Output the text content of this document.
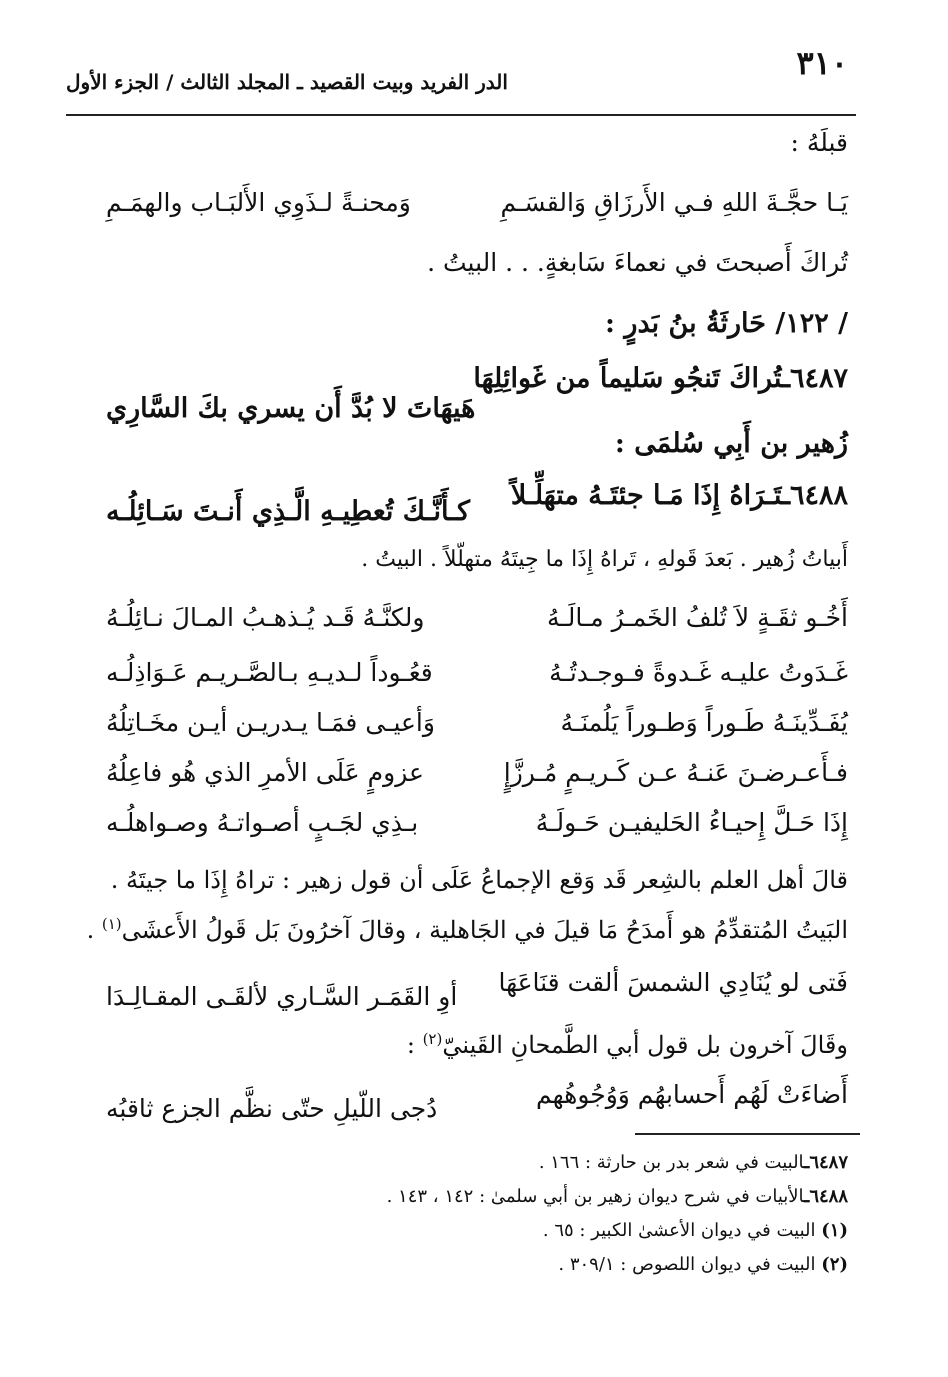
٣١٠
الدر الفريد وبيت القصيد ـ المجلد الثالث / الجزء الأول
قبلَهُ :
يَـا حجَّـةَ اللهِ فـي الأَرزَاقِ وَالقسَـمِ
وَمحنـةً لـذَوِي الأَلبَـاب والهمَـمِ
تُراكَ أَصبحتَ في نعماءَ سَابغةٍ. . . البيتُ .
/ ١٢٢/ حَارثَةُ بنُ بَدرٍ :
٦٤٨٧ـتُراكَ تَنجُو سَليماً من غَوائِلِهَا
هَيهَاتَ لا بُدَّ أَن يسري بكَ السَّارِي
زُهير بن أَبِي سُلمَى :
٦٤٨٨ـتَـرَاهُ إِذَا مَـا جئتَـهُ متهَلِّـلاً
كـأَنَّـكَ تُعطِيـهِ الَّـذِي أَنـتَ سَـائِلُـه
أَبياتُ زُهير . بَعدَ قَولهِ ، تَراهُ إِذَا ما جِيتَهُ متهلّلاً . البيتُ .
أَخُـو ثقَـةٍ لاَ تُلفُ الخَمـرُ مـالَـهُ
ولكنَّـهُ قَـد يُـذهـبُ المـالَ نـائِلُـهُ
غَـدَوتُ عليـه غَـدوةً فـوجـدتُـهُ
قعُـوداً لـديـهِ بـالصَّـريـم عَـوَاذِلُـه
يُفَـدِّينَـهُ طَـوراً وَطـوراً يَلُمنَـهُ
وَأعيـى فمَـا يـدريـن أيـن مخَـاتِلُهُ
فـأَعـرضـنَ عَنـهُ عـن كَـريـمٍ مُـرزَّإٍ
عزومٍ عَلَى الأمرِ الذي هُو فاعِلُهُ
إِذَا حَـلَّ إِحيـاءُ الحَليفيـن حَـولَـهُ
بـذِي لجَـبٍ أصـواتـهُ وصـواهلُـه

قالَ أهل العلم بالشِعر قَد وَقع الإجماعُ عَلَى أن قول زهير : تراهُ إِذَا ما جيتَهُ .

البَيتُ المُتقدِّمُ هو أَمدَحُ مَا قيلَ في الجَاهلية ، وقالَ آخرُونَ بَل قَولُ الأَعشَى$^{(١)}$ .

فَتى لو يُنَادِي الشمسَ ألقت قنَاعَهَا
أوِ القَمَـر السَّـاري لألقَـى المقـالِـدَا
وقَالَ آخرون بل قول أبي الطَّمحانِ القَينيّ$^{(٢)}$ :
أَضاءَتْ لَهُم أَحسابهُم وَوُجُوهُهم
دُجى اللّيلِ حتّى نظَّم الجزع ثاقبُه
٦٤٨٧ـالبيت في شعر بدر بن حارثة : ١٦٦ .
٦٤٨٨ـالأبيات في شرح ديوان زهير بن أبي سلمىٰ : ١٤٢ ، ١٤٣ .
(١) البيت في ديوان الأعشىٰ الكبير : ٦٥ .
(٢) البيت في ديوان اللصوص : ٣٠٩/١ .
